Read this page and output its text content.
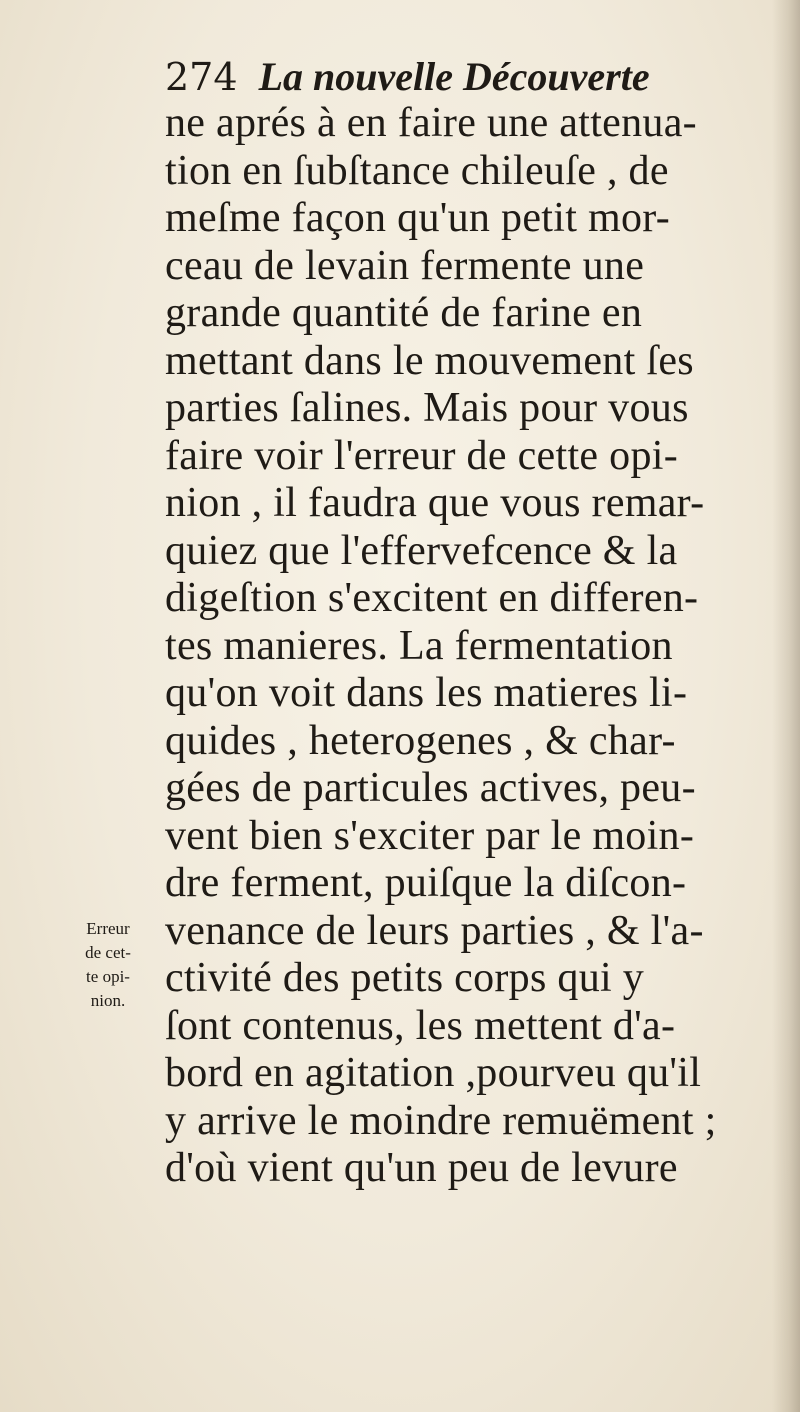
274 La nouvelle Découverte
ne aprés à en faire une attenua-
tion en ſubſtance chileuſe , de
meſme façon qu'un petit mor-
ceau de levain fermente une
grande quantité de farine en
mettant dans le mouvement ſes
parties ſalines. Mais pour vous
faire voir l'erreur de cette opi-
nion , il faudra que vous remar-
quiez que l'effervefcence & la
digeſtion s'excitent en differen-
tes manieres. La fermentation
qu'on voit dans les matieres li-
quides , heterogenes , & char-
gées de particules actives, peu-
vent bien s'exciter par le moin-
dre ferment, puiſque la diſcon-
venance de leurs parties , & l'a-
ctivité des petits corps qui y
ſont contenus, les mettent d'a-
bord en agitation ,pourveu qu'il
y arrive le moindre remuëment ;
d'où vient qu'un peu de levure
Erreur
de cet-
te opi-
nion.
